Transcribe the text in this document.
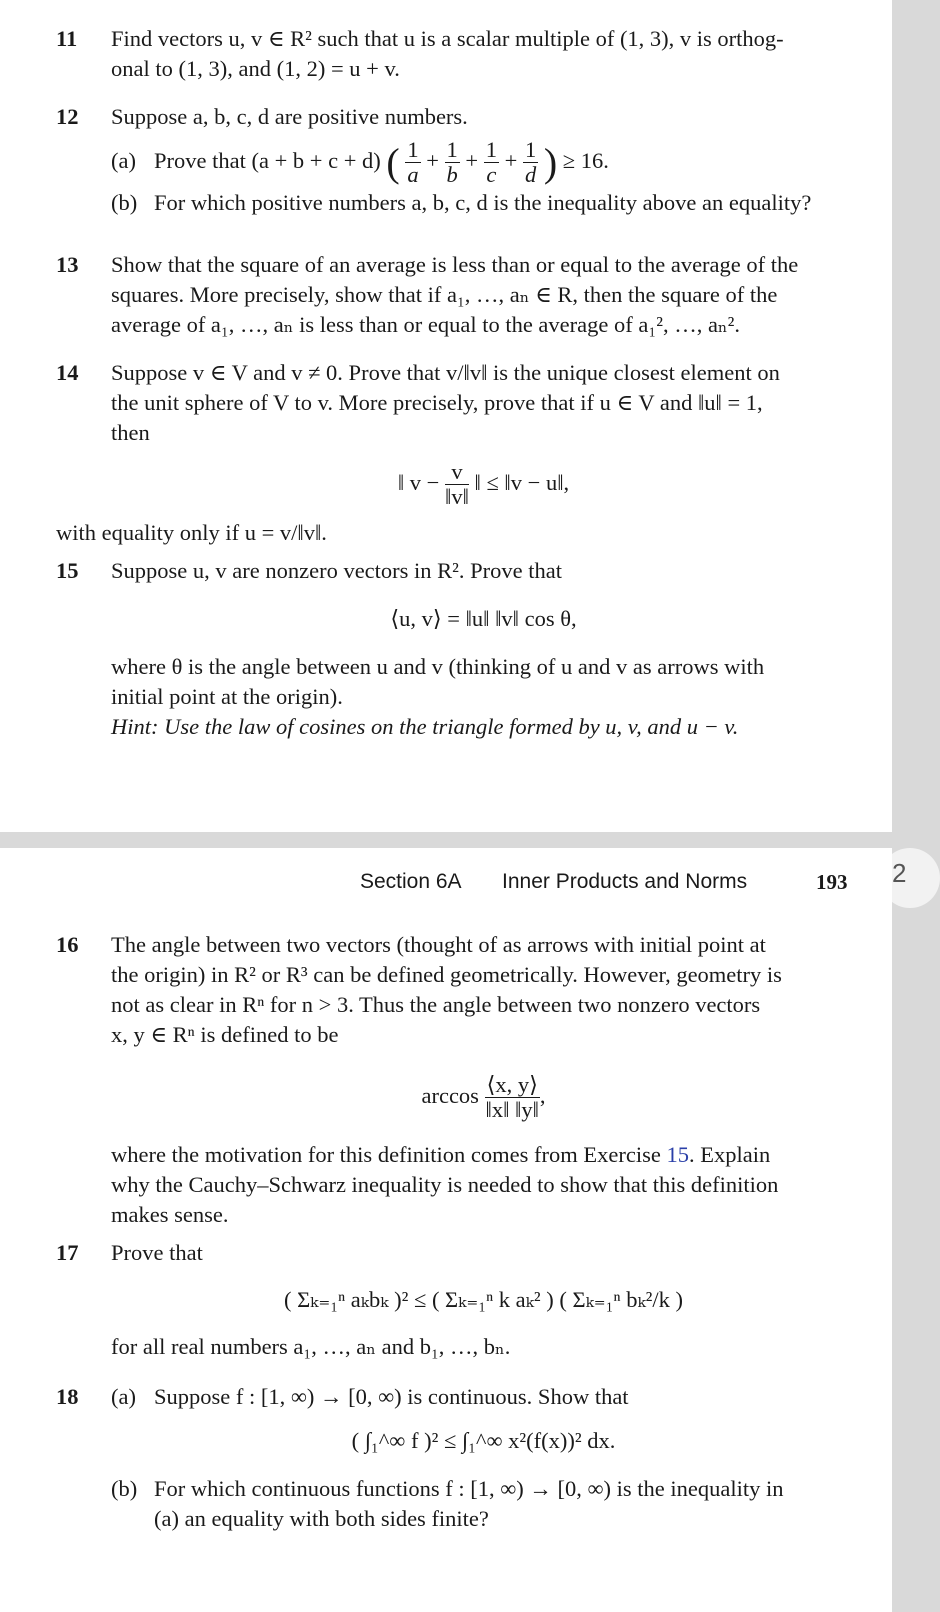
11 Find vectors u, v ∈ R² such that u is a scalar multiple of (1, 3), v is orthog-

onal to (1, 3), and (1, 2) = u + v.

12 Suppose a, b, c, d are positive numbers.

(a) Prove that (a + b + c + d) ( $\frac{1}{a} + \frac{1}{b} + \frac{1}{c} + \frac{1}{d}$ ) ≥ 16.
(b) For which positive numbers a, b, c, d is the inequality above an equality?
13 Show that the square of an average is less than or equal to the average of the

squares. More precisely, show that if a₁, …, aₙ ∈ R, then the square of the

average of a₁, …, aₙ is less than or equal to the average of a₁², …, aₙ².

14 Suppose v ∈ V and v ≠ 0. Prove that v/‖v‖ is the unique closest element on

the unit sphere of V to v. More precisely, prove that if u ∈ V and ‖u‖ = 1,

then

‖ $v - \frac{v}{‖v‖}$ ‖ ≤ ‖v − u‖,

with equality only if u = v/‖v‖.

15 Suppose u, v are nonzero vectors in R². Prove that

⟨u, v⟩ = ‖u‖ ‖v‖ cos θ,

where θ is the angle between u and v (thinking of u and v as arrows with

initial point at the origin).

Hint: Use the law of cosines on the triangle formed by u, v, and u − v.

2
Section 6A Inner Products and Norms	193
16 The angle between two vectors (thought of as arrows with initial point at

the origin) in R² or R³ can be defined geometrically. However, geometry is

not as clear in Rⁿ for n > 3. Thus the angle between two nonzero vectors

x, y ∈ Rⁿ is defined to be

$\arccos \frac{⟨x, y⟩}{‖x‖ ‖y‖}$ ,

where the motivation for this definition comes from Exercise 15. Explain

why the Cauchy–Schwarz inequality is needed to show that this definition

makes sense.

17 Prove that

( Σₖ₌₁ⁿ aₖbₖ )² ≤ ( Σₖ₌₁ⁿ k aₖ² ) ( Σₖ₌₁ⁿ bₖ²/k )

for all real numbers a₁, …, aₙ and b₁, …, bₙ.

18 (a) Suppose f : [1, ∞) → [0, ∞) is continuous. Show that
( ∫₁^∞ f )² ≤ ∫₁^∞ x²(f(x))² dx.
(b) For which continuous functions f : [1, ∞) → [0, ∞) is the inequality in

(a) an equality with both sides finite?
